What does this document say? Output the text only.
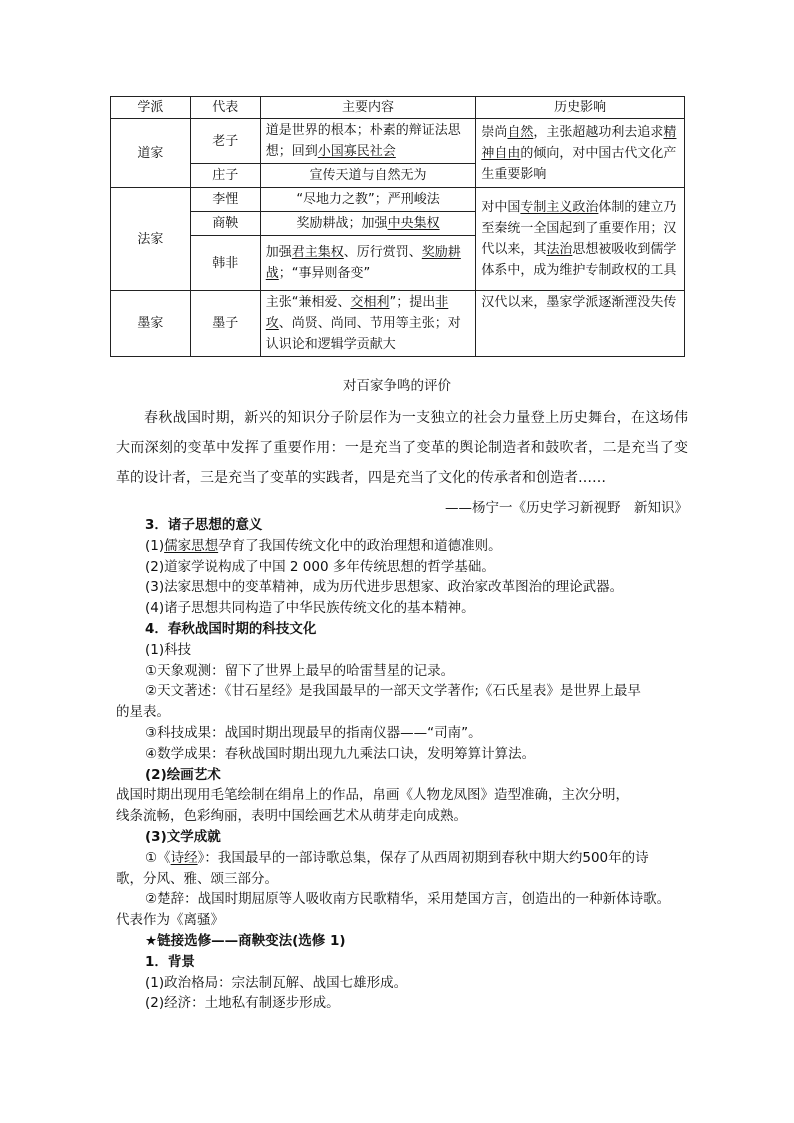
学派	代表	主要内容	历史影响
道家	老子	道是世界的根本；朴素的辩证法思想；回到小国寡民社会	崇尚自然，主张超越功利去追求精神自由的倾向，对中国古代文化产生重要影响
	庄子	宣传天道与自然无为	
法家	李悝	“尽地力之教”；严刑峻法	对中国专制主义政治体制的建立乃至秦统一全国起到了重要作用；汉代以来，其法治思想被吸收到儒学体系中，成为维护专制政权的工具
	商鞅	奖励耕战；加强中央集权	
	韩非	加强君主集权、厉行赏罚、奖励耕战；“事异则备变”	
墨家	墨子	主张“兼相爱、交相利”；提出非攻、尚贤、尚同、节用等主张；对认识论和逻辑学贡献大	汉代以来，墨家学派逐渐湮没失传
对百家争鸣的评价
春秋战国时期，新兴的知识分子阶层作为一支独立的社会力量登上历史舞台，在这场伟大而深刻的变革中发挥了重要作用：一是充当了变革的舆论制造者和鼓吹者，二是充当了变革的设计者，三是充当了变革的实践者，四是充当了文化的传承者和创造者……
——杨宁一《历史学习新视野　新知识》
3．诸子思想的意义
(1)儒家思想孕育了我国传统文化中的政治理想和道德准则。
(2)道家学说构成了中国 2 000 多年传统思想的哲学基础。
(3)法家思想中的变革精神，成为历代进步思想家、政治家改革图治的理论武器。
(4)诸子思想共同构造了中华民族传统文化的基本精神。
4．春秋战国时期的科技文化
(1)科技
①天象观测：留下了世界上最早的哈雷彗星的记录。
②天文著述：《甘石星经》是我国最早的一部天文学著作;《石氏星表》是世界上最早
的星表。
③科技成果：战国时期出现最早的指南仪器——“司南”。
④数学成果：春秋战国时期出现九九乘法口诀，发明筹算计算法。
(2)绘画艺术
战国时期出现用毛笔绘制在绢帛上的作品，帛画《人物龙凤图》造型准确，主次分明，
线条流畅，色彩绚丽，表明中国绘画艺术从萌芽走向成熟。
(3)文学成就
①《诗经》：我国最早的一部诗歌总集，保存了从西周初期到春秋中期大约500年的诗
歌，分风、雅、颂三部分。
②楚辞：战国时期屈原等人吸收南方民歌精华，采用楚国方言，创造出的一种新体诗歌。
代表作为《离骚》
★链接选修——商鞅变法(选修 1)
1．背景
(1)政治格局：宗法制瓦解、战国七雄形成。
(2)经济：土地私有制逐步形成。
